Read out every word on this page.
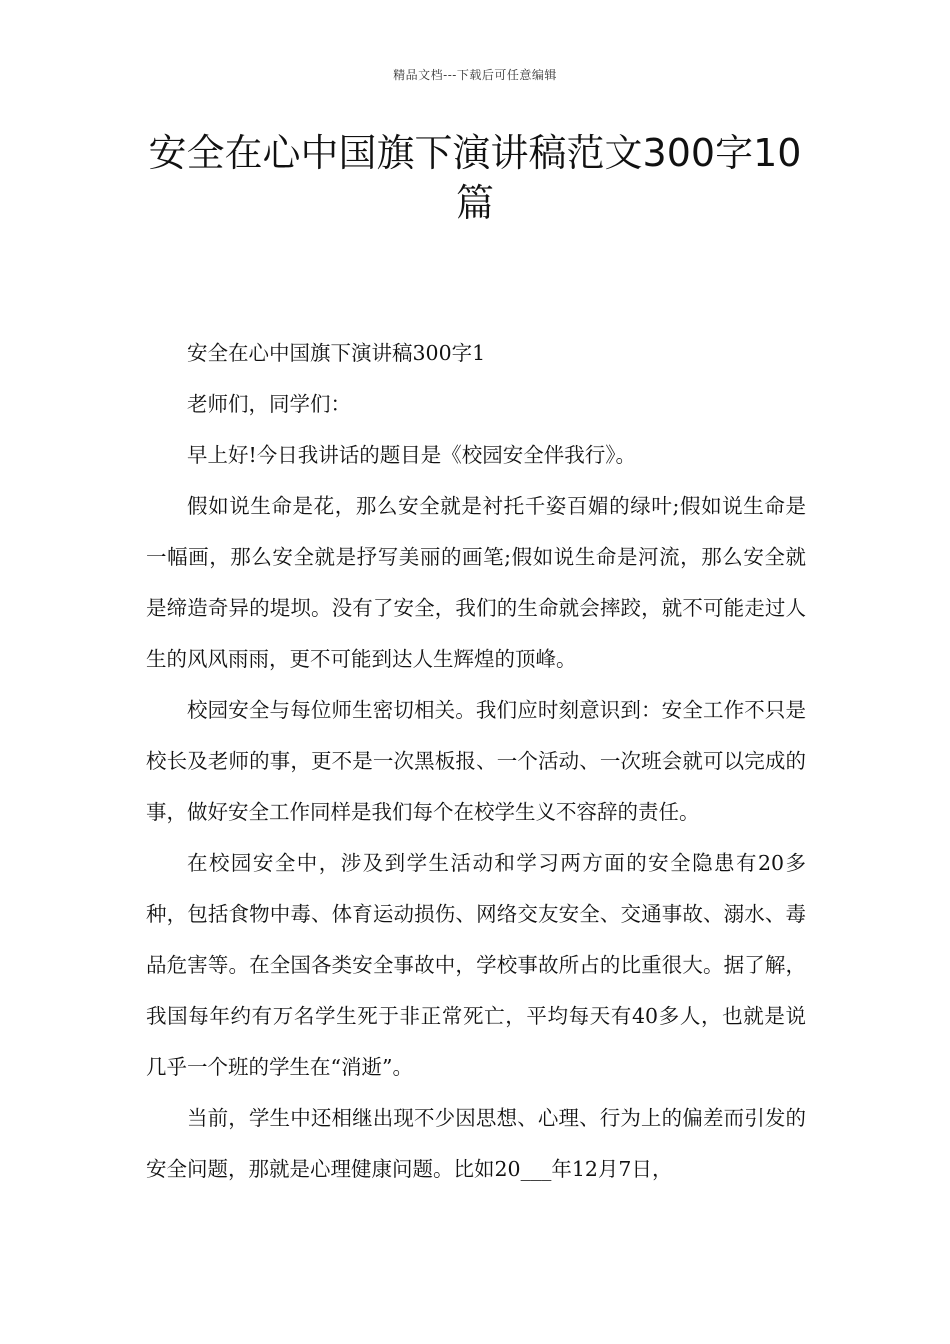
精品文档---下载后可任意编辑
安全在心中国旗下演讲稿范文300字10篇

安全在心中国旗下演讲稿300字1

老师们，同学们：

早上好!今日我讲话的题目是《校园安全伴我行》。

假如说生命是花，那么安全就是衬托千姿百媚的绿叶;假如说生命是一幅画，那么安全就是抒写美丽的画笔;假如说生命是河流，那么安全就是缔造奇异的堤坝。没有了安全，我们的生命就会摔跤，就不可能走过人生的风风雨雨，更不可能到达人生辉煌的顶峰。

校园安全与每位师生密切相关。我们应时刻意识到：安全工作不只是校长及老师的事，更不是一次黑板报、一个活动、一次班会就可以完成的事，做好安全工作同样是我们每个在校学生义不容辞的责任。

在校园安全中，涉及到学生活动和学习两方面的安全隐患有20多种，包括食物中毒、体育运动损伤、网络交友安全、交通事故、溺水、毒品危害等。在全国各类安全事故中，学校事故所占的比重很大。据了解，我国每年约有万名学生死于非正常死亡，平均每天有40多人，也就是说几乎一个班的学生在“消逝”。

当前，学生中还相继出现不少因思想、心理、行为上的偏差而引发的安全问题，那就是心理健康问题。比如20___年12月7日，
